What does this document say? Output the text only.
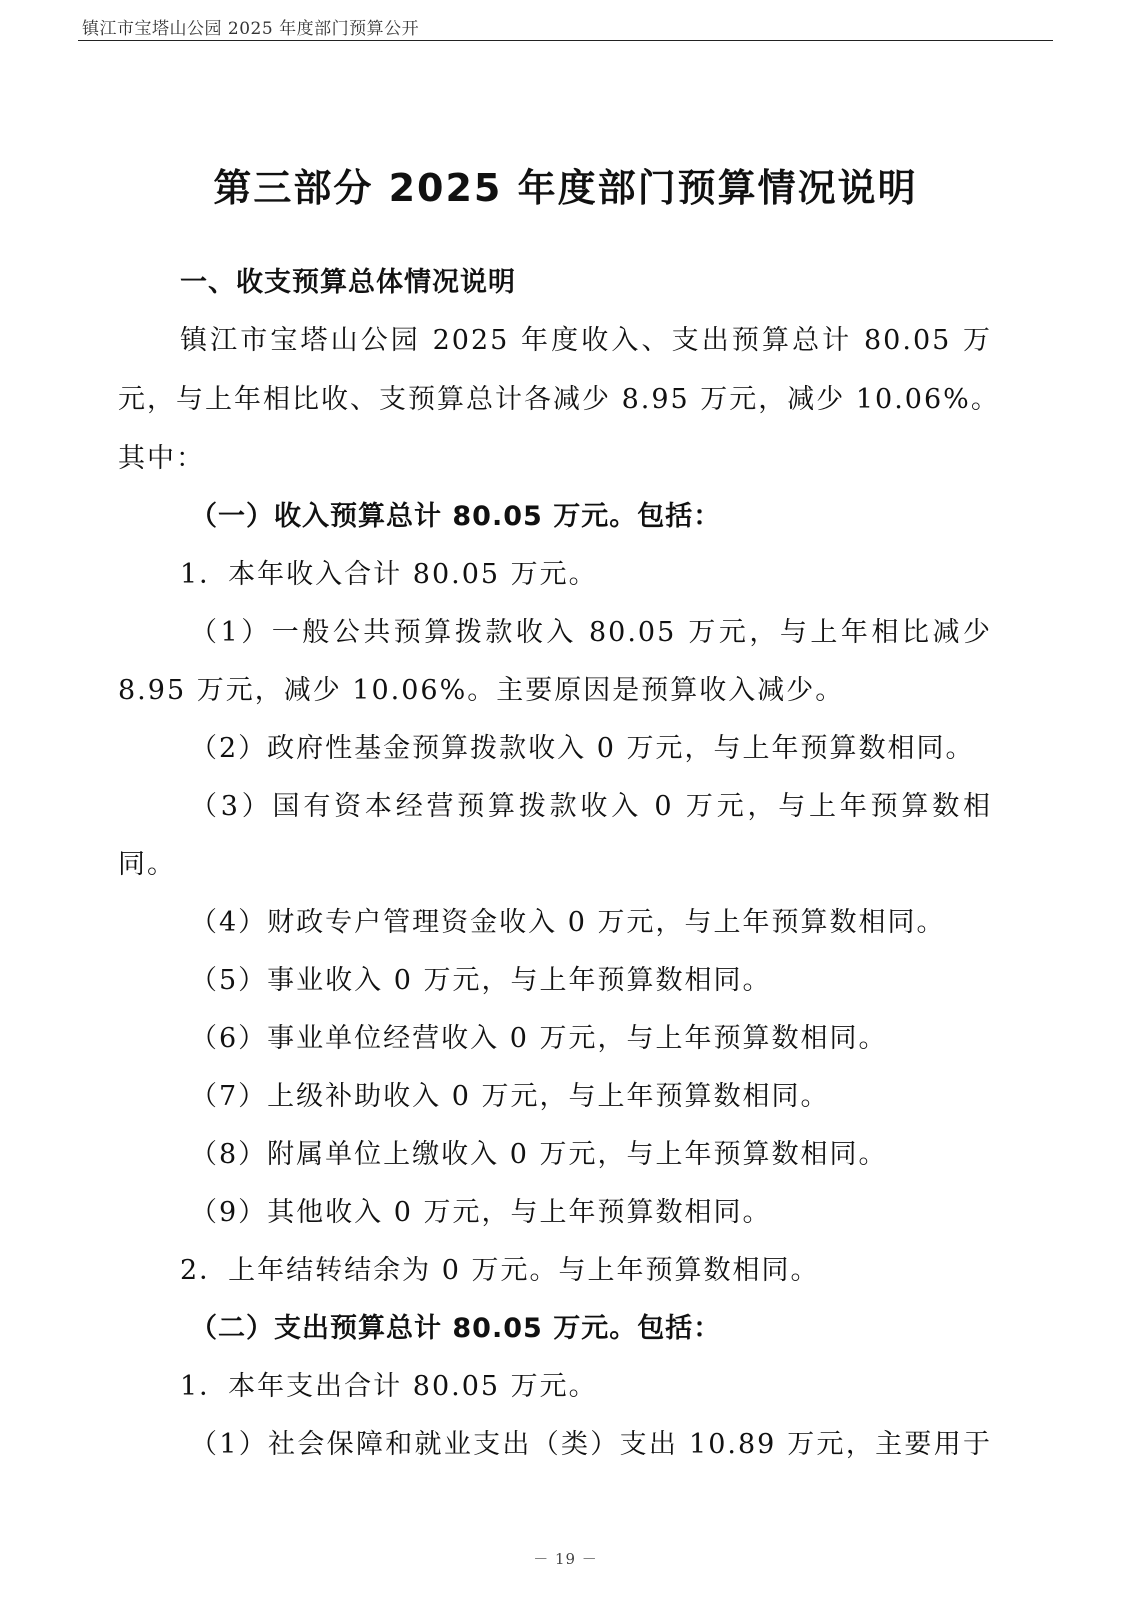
镇江市宝塔山公园 2025 年度部门预算公开
第三部分 2025 年度部门预算情况说明
一、收支预算总体情况说明
镇江市宝塔山公园 2025 年度收入、支出预算总计 80.05 万
元，与上年相比收、支预算总计各减少 8.95 万元，减少 10.06%。
其中：
（一）收入预算总计 80.05 万元。包括：
1．本年收入合计 80.05 万元。
（1）一般公共预算拨款收入 80.05 万元，与上年相比减少
8.95 万元，减少 10.06%。主要原因是预算收入减少。
（2）政府性基金预算拨款收入 0 万元，与上年预算数相同。
（3）国有资本经营预算拨款收入 0 万元，与上年预算数相
同。
（4）财政专户管理资金收入 0 万元，与上年预算数相同。
（5）事业收入 0 万元，与上年预算数相同。
（6）事业单位经营收入 0 万元，与上年预算数相同。
（7）上级补助收入 0 万元，与上年预算数相同。
（8）附属单位上缴收入 0 万元，与上年预算数相同。
（9）其他收入 0 万元，与上年预算数相同。
2．上年结转结余为 0 万元。与上年预算数相同。
（二）支出预算总计 80.05 万元。包括：
1．本年支出合计 80.05 万元。
（1）社会保障和就业支出（类）支出 10.89 万元，主要用于
－ 19 －
